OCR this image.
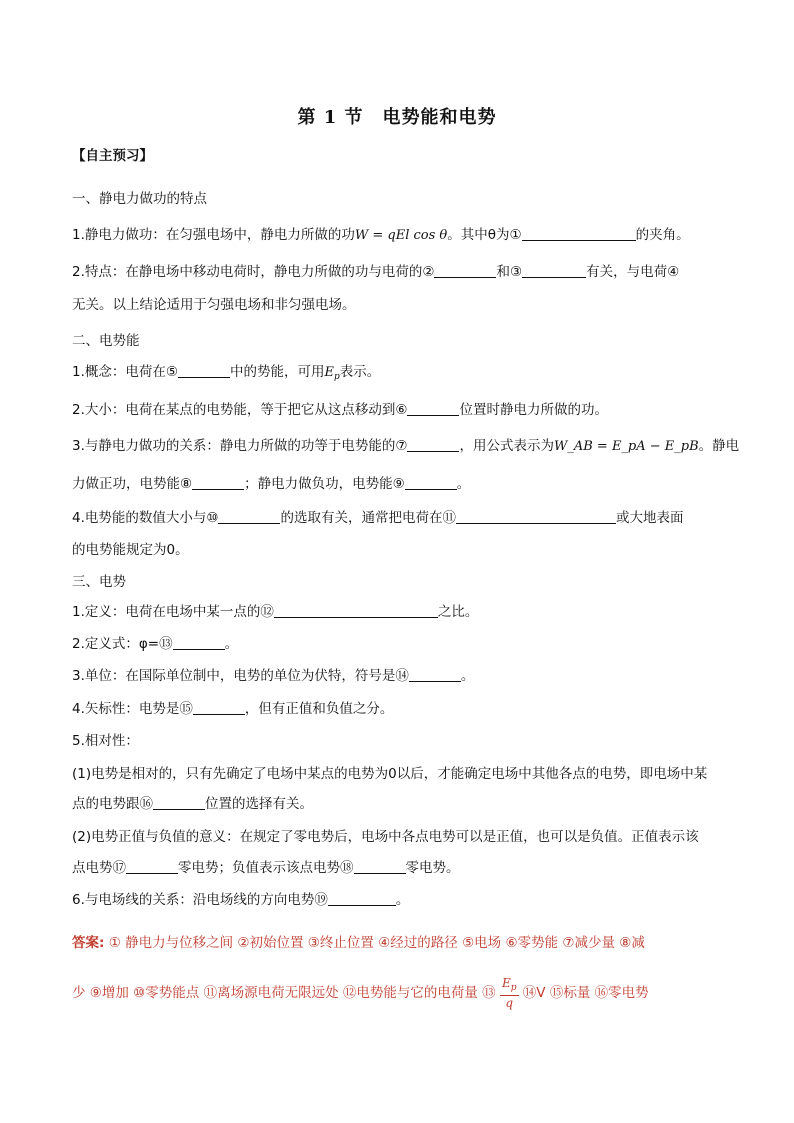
第 1 节　电势能和电势
【自主预习】
一、静电力做功的特点
1.静电力做功：在匀强电场中，静电力所做的功W = qEl cos θ。其中θ为①	的夹角。
2.特点：在静电场中移动电荷时，静电力所做的功与电荷的②	和③	有关，与电荷④
无关。以上结论适用于匀强电场和非匀强电场。
二、电势能
1.概念：电荷在⑤	中的势能，可用$E_p$表示。
2.大小：电荷在某点的电势能，等于把它从这点移动到⑥	位置时静电力所做的功。
3.与静电力做功的关系：静电力所做的功等于电势能的⑦	，用公式表示为W_AB = E_pA − E_pB。静电
力做正功，电势能⑧	；静电力做负功，电势能⑨	。
4.电势能的数值大小与⑩	的选取有关，通常把电荷在⑪	或大地表面
的电势能规定为0。
三、电势
1.定义：电荷在电场中某一点的⑫	之比。
2.定义式：φ=⑬	。
3.单位：在国际单位制中，电势的单位为伏特，符号是⑭	。
4.矢标性：电势是⑮	，但有正值和负值之分。
5.相对性：
(1)电势是相对的，只有先确定了电场中某点的电势为0以后，才能确定电场中其他各点的电势，即电场中某
点的电势跟⑯	位置的选择有关。
(2)电势正值与负值的意义：在规定了零电势后，电场中各点电势可以是正值，也可以是负值。正值表示该
点电势⑰	零电势；负值表示该点电势⑱	零电势。
6.与电场线的关系：沿电场线的方向电势⑲	。
答案: ① 静电力与位移之间 ②初始位置 ③终止位置 ④经过的路径 ⑤电场 ⑥零势能 ⑦减少量 ⑧减
少 ⑨增加 ⑩零势能点 ⑪离场源电荷无限远处 ⑫电势能与它的电荷量 ⑬ $\frac{E_p}{q}$ ⑭V ⑮标量 ⑯零电势
